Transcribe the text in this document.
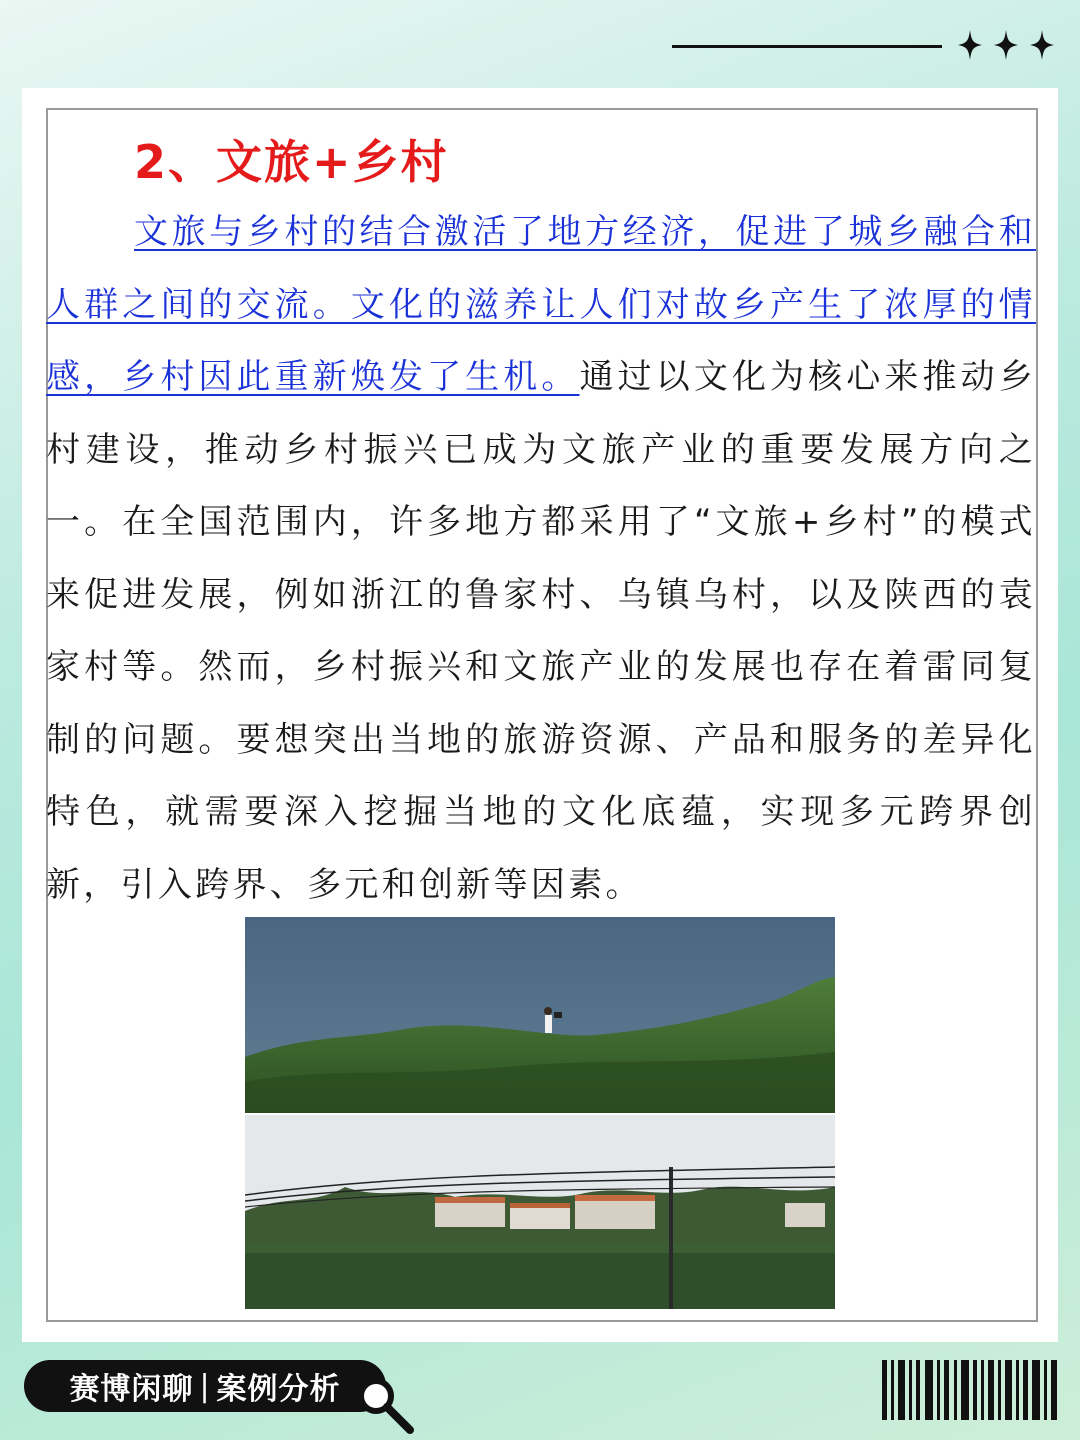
2、文旅+乡村

文旅与乡村的结合激活了地方经济，促进了城乡融合和人群之间的交流。文化的滋养让人们对故乡产生了浓厚的情感，乡村因此重新焕发了生机。通过以文化为核心来推动乡村建设，推动乡村振兴已成为文旅产业的重要发展方向之一。在全国范围内，许多地方都采用了“文旅+乡村”的模式来促进发展，例如浙江的鲁家村、乌镇乌村，以及陕西的袁家村等。然而，乡村振兴和文旅产业的发展也存在着雷同复制的问题。要想突出当地的旅游资源、产品和服务的差异化特色，就需要深入挖掘当地的文化底蕴，实现多元跨界创新，引入跨界、多元和创新等因素。

赛博闲聊 | 案例分析
